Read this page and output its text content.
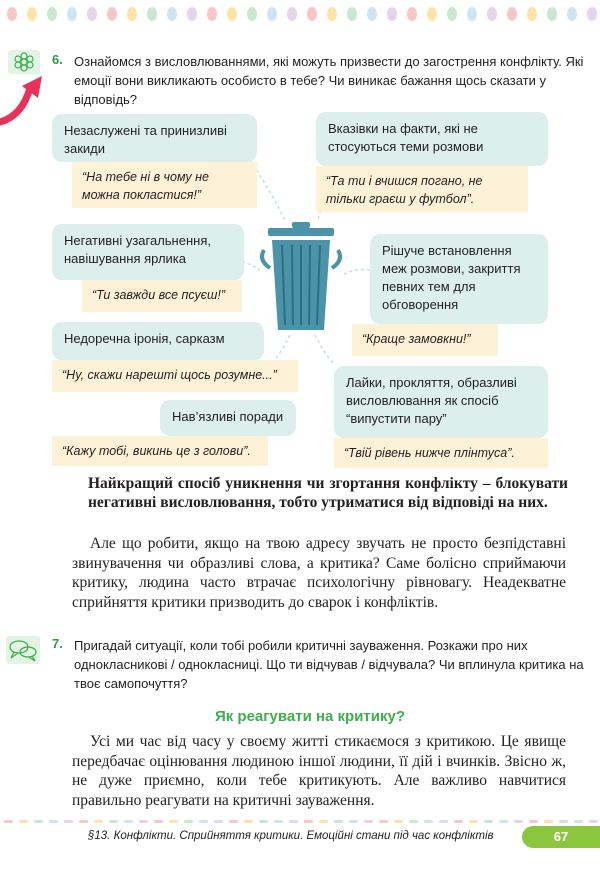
6. Ознайомся з висловлюваннями, які можуть призвести до загострення конфлікту. Які емоції вони викликають особисто в тебе? Чи виникає бажання щось сказати у відповідь?
Незаслужені та принизливі закиди
“На тебе ні в чому не можна покластися!”
Вказівки на факти, які не стосуються теми розмови
“Та ти і вчишся погано, не тільки граєш у футбол”.
Негативні узагальнення, навішування ярлика
“Ти завжди все псуєш!”
Рішуче встановлення меж розмови, закриття певних тем для обговорення
“Краще замовкни!”
Недоречна іронія, сарказм
“Ну, скажи нарешті щось розумне...”	Лайки, прокляття, образливі висловлювання як спосіб “випустити пару”
“Твій рівень нижче плінтуса”.
Нав’язливі поради
“Кажу тобі, викинь це з голови”.
Найкращий спосіб уникнення чи згортання конфлікту – блокувати негативні висловлювання, тобто утриматися від відповіді на них.
Але що робити, якщо на твою адресу звучать не просто безпідставні звинувачення чи образливі слова, а критика? Саме болісно сприймаючи критику, людина часто втрачає психологічну рівновагу. Неадекватне сприйняття критики призводить до сварок і конфліктів.
7. Пригадай ситуації, коли тобі робили критичні зауваження. Розкажи про них однокласникові / однокласниці. Що ти відчував / відчувала? Чи вплинула критика на твоє самопочуття?
Як реагувати на критику?
Усі ми час від часу у своєму житті стикаємося з критикою. Це явище передбачає оцінювання людиною іншої людини, її дій і вчинків. Звісно ж, не дуже приємно, коли тебе критикують. Але важливо навчитися правильно реагувати на критичні зауваження.
§13. Конфлікти. Сприйняття критики. Емоційні стани під час конфліктів	67
